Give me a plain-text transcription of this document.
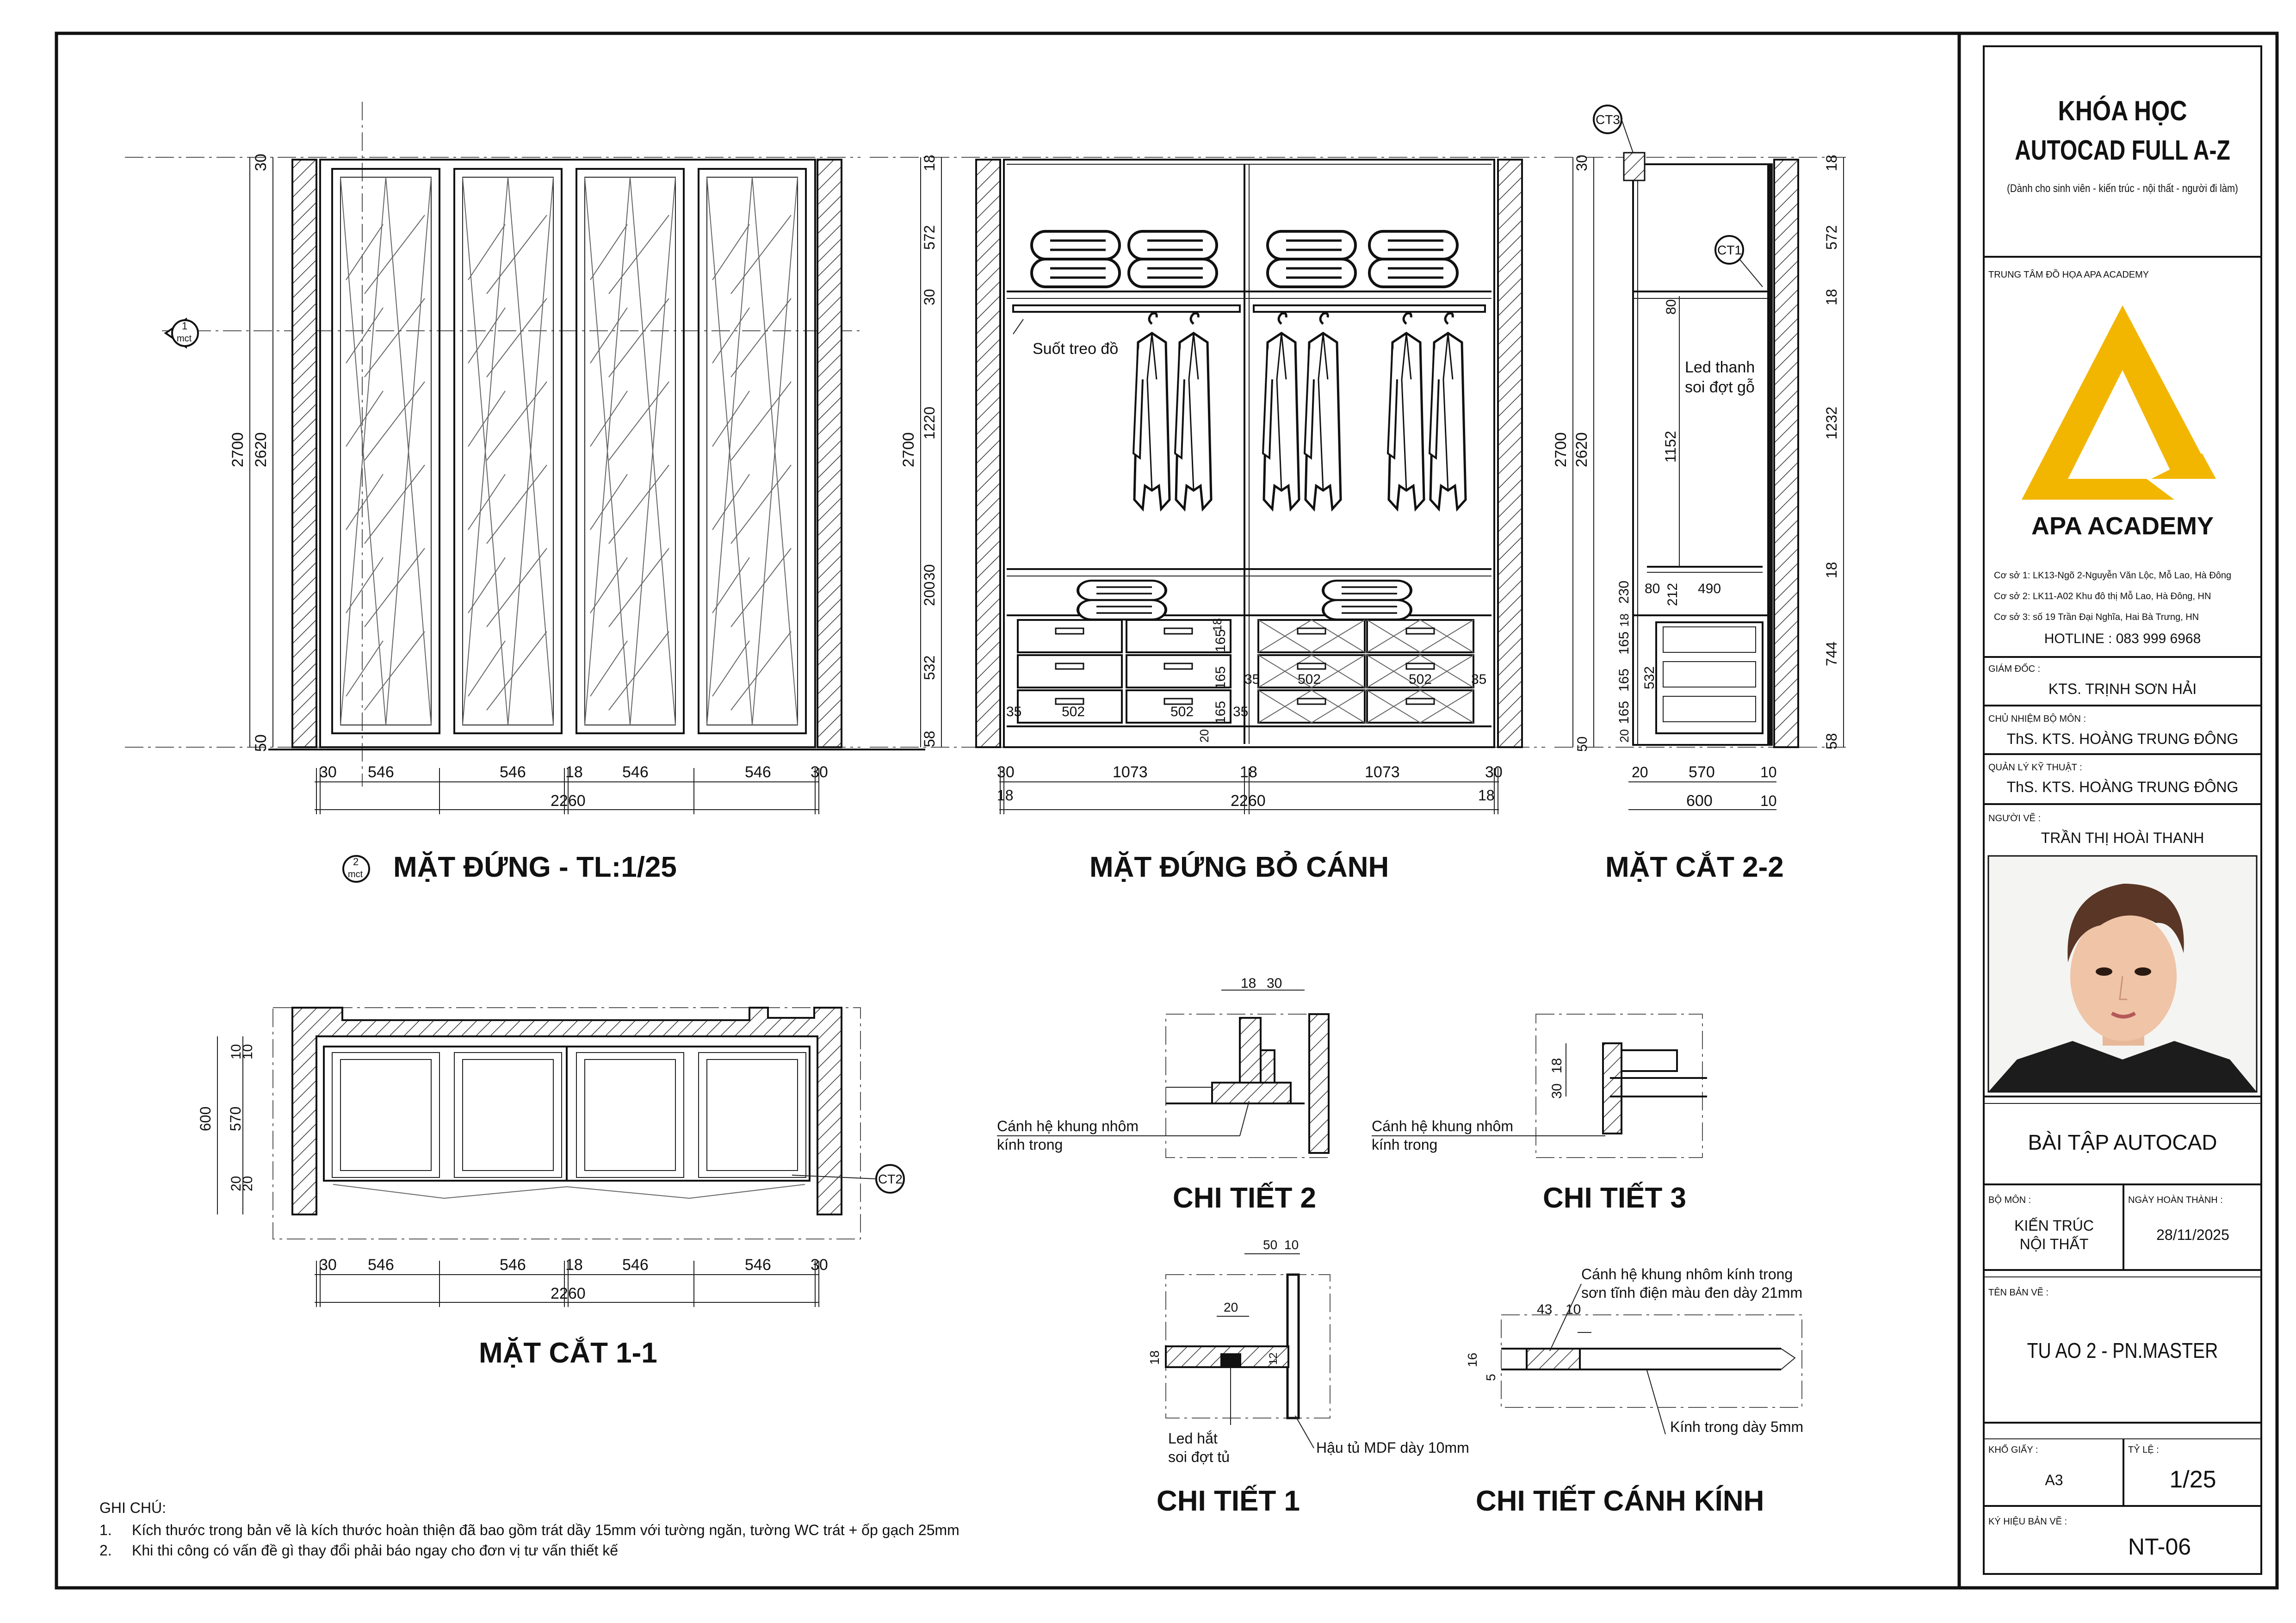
2700 2620
30
50
30 546	546	18	546	546	30
2260
1
mct
2
mct MẶT ĐỨNG - TL:1/25
35	502	502	35
165
165
165
20
18
35	502	502	35
Suốt treo đồ
18
572
30
1220
30
200
532
58
2700
30	1073	18	1073	30
18	18
2260
MẶT ĐỨNG BỎ CÁNH
CT3
CT1
Led thanh
soi đợt gỗ
2700 2620
30
50
18
572
18
1232
18
744
58
80
1152
80 212 490
230
18
165
165 532
165
20
20	570	10
600	10
MẶT CẮT 2-2
CT2
10
10
600 570
20
20
30 546	546	18	546	546	30
2260
MẶT CẮT 1-1
18 30
Cánh hệ khung nhôm
kính trong
CHI TIẾT 2
18
30
Cánh hệ khung nhôm
kính trong
CHI TIẾT 3
50 10
20
18	12
Led hắt
soi đợt tủ
Hậu tủ MDF dày 10mm
CHI TIẾT 1
43 10
16
5
Cánh hệ khung nhôm kính trong
sơn tĩnh điện màu đen dày 21mm
Kính trong dày 5mm
CHI TIẾT CÁNH KÍNH
GHI CHÚ:
1. Kích thước trong bản vẽ là kích thước hoàn thiện đã bao gồm trát dầy 15mm với tường ngăn, tường WC trát + ốp gạch 25mm
2. Khi thi công có vấn đề gì thay đổi phải báo ngay cho đơn vị tư vấn thiết kế
KHÓA HỌC
AUTOCAD FULL A-Z
(Dành cho sinh viên - kiến trúc - nội thất - người đi làm)
TRUNG TÂM ĐỒ HỌA APA ACADEMY
APA ACADEMY
Cơ sở 1: LK13-Ngõ 2-Nguyễn Văn Lộc, Mỗ Lao, Hà Đông
Cơ sở 2: LK11-A02 Khu đô thị Mỗ Lao, Hà Đông, HN
Cơ sở 3: số 19 Trần Đại Nghĩa, Hai Bà Trưng, HN
HOTLINE : 083 999 6968
GIÁM ĐỐC :
KTS. TRỊNH SƠN HẢI
CHỦ NHIỆM BỘ MÔN :
ThS. KTS. HOÀNG TRUNG ĐÔNG
QUẢN LÝ KỸ THUẬT :
ThS. KTS. HOÀNG TRUNG ĐÔNG
NGƯỜI VẼ :
TRẦN THỊ HOÀI THANH
BÀI TẬP AUTOCAD
BỘ MÔN :
KIẾN TRÚC
NỘI THẤT
NGÀY HOÀN THÀNH :
28/11/2025
TÊN BẢN VẼ :
TU AO 2 - PN.MASTER
KHỔ GIẤY :
A3
TỶ LỆ :
1/25
KÝ HIỆU BẢN VẼ :
NT-06
